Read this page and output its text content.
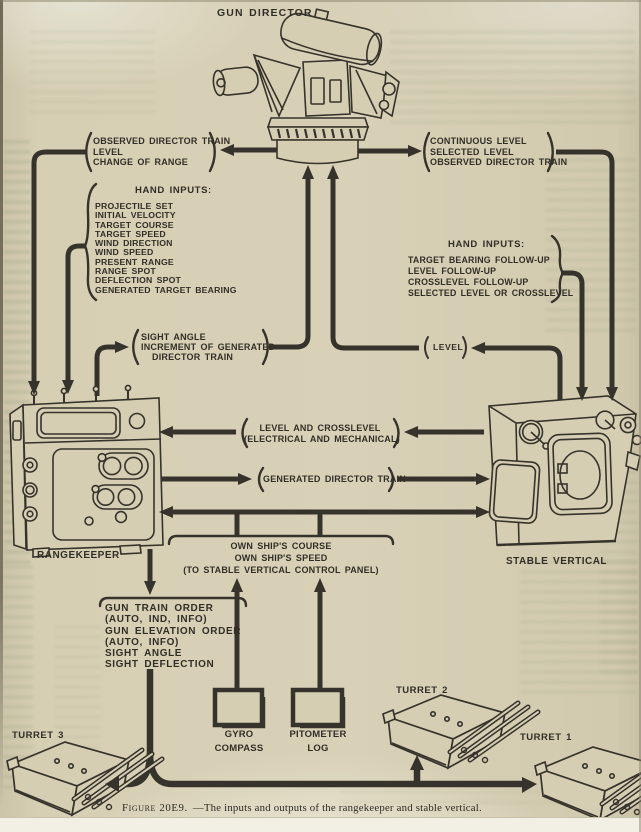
GUN DIRECTOR
OBSERVED DIRECTOR TRAIN
LEVEL
CHANGE OF RANGE
CONTINUOUS LEVEL
SELECTED LEVEL
OBSERVED DIRECTOR TRAIN
HAND INPUTS:
PROJECTILE SET
INITIAL VELOCITY
TARGET COURSE
TARGET SPEED
WIND DIRECTION
WIND SPEED
PRESENT RANGE
RANGE SPOT
DEFLECTION SPOT
GENERATED TARGET BEARING
HAND INPUTS:
TARGET BEARING FOLLOW-UP
LEVEL FOLLOW-UP
CROSSLEVEL FOLLOW-UP
SELECTED LEVEL OR CROSSLEVEL
SIGHT ANGLE
INCREMENT OF GENERATED
DIRECTOR TRAIN
LEVEL
LEVEL AND CROSSLEVEL
(ELECTRICAL AND MECHANICAL)
GENERATED DIRECTOR TRAIN
OWN SHIP'S COURSE
OWN SHIP'S SPEED
(TO STABLE VERTICAL CONTROL PANEL)
GUN TRAIN ORDER
(AUTO, IND, INFO)
GUN ELEVATION ORDER
(AUTO, INFO)
SIGHT ANGLE
SIGHT DEFLECTION
RANGEKEEPER
STABLE VERTICAL
GYRO
COMPASS
PITOMETER
LOG
TURRET 3
TURRET 2
TURRET 1
Figure 20E9. —The inputs and outputs of the rangekeeper and stable vertical.
